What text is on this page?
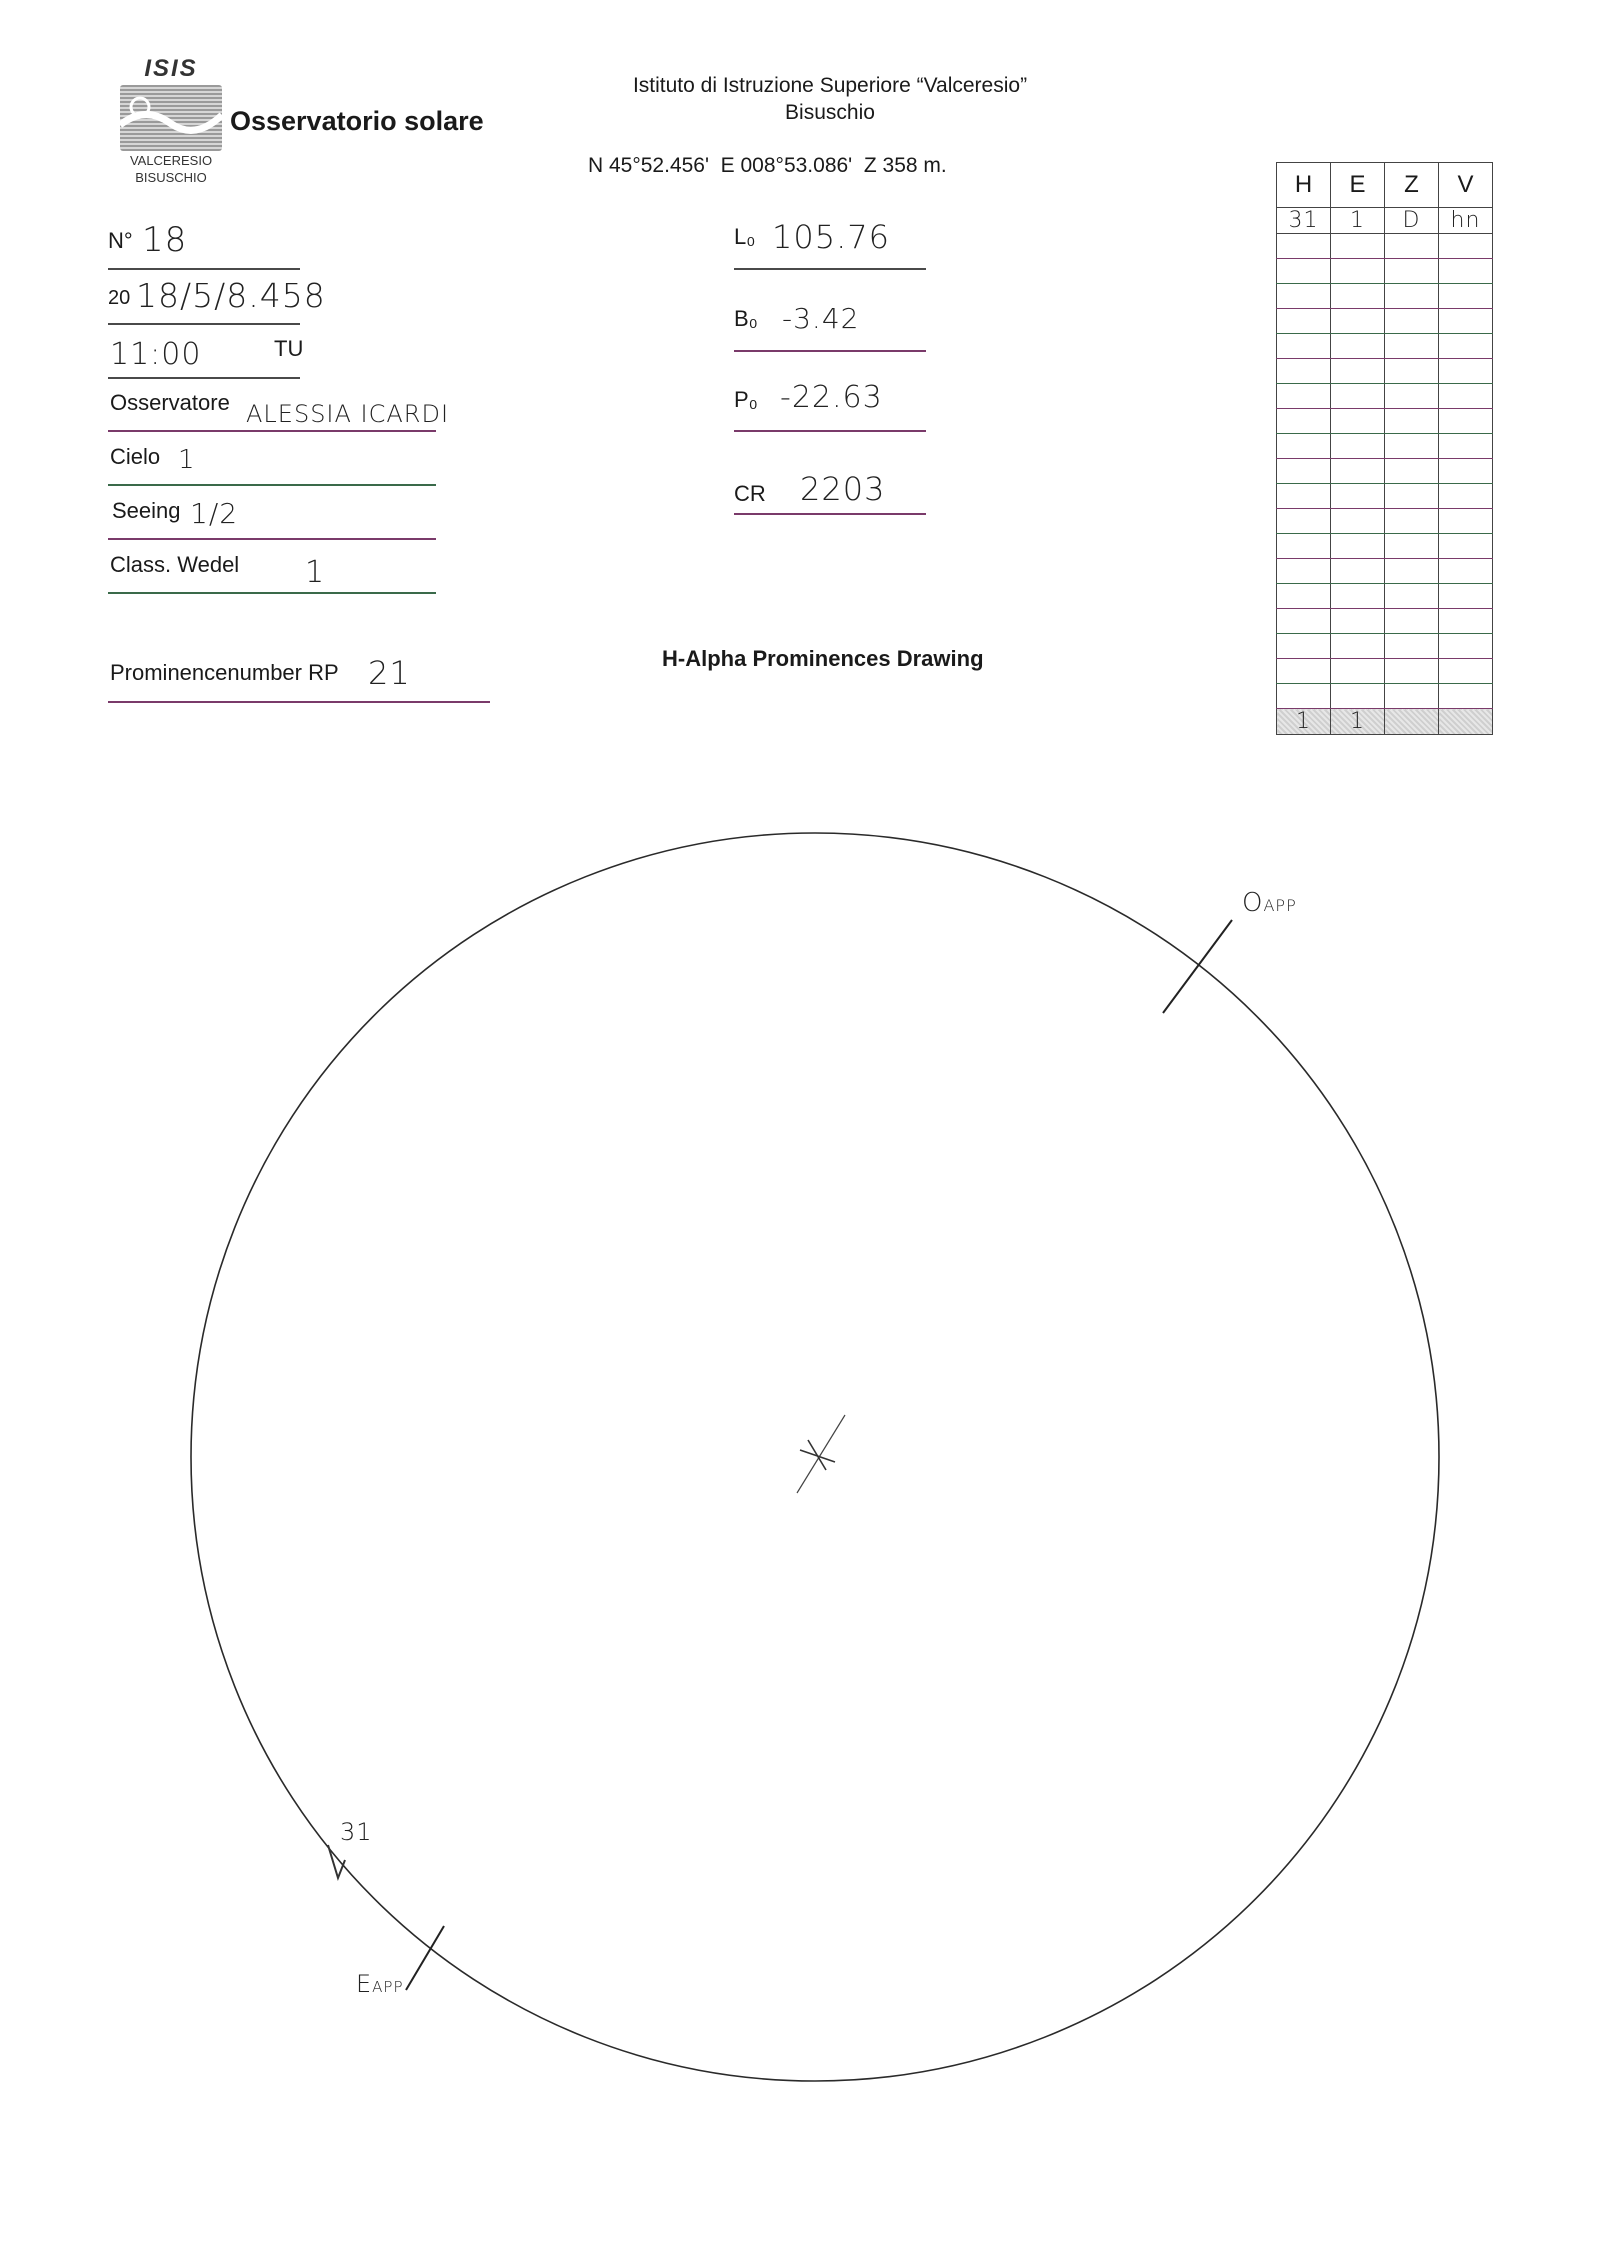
ISIS
VALCERESIO
BISUSCHIO
Osservatorio solare
Istituto di Istruzione Superiore “Valceresio”
Bisuschio
N 45°52.456'  E 008°53.086'  Z 358 m.
N° 18
20 18/5/8.458
11:00	TU
Osservatore ALESSIA ICARDI
Cielo 1
Seeing 1/2
Class. Wedel 1
Prominencenumber RP 21
L₀ 105.76
B₀ -3.42
P₀ -22.63
CR 2203
H-Alpha Prominences Drawing
H	E	Z	V
31	1	D	hn

1	1		
OAPP
EAPP
31
